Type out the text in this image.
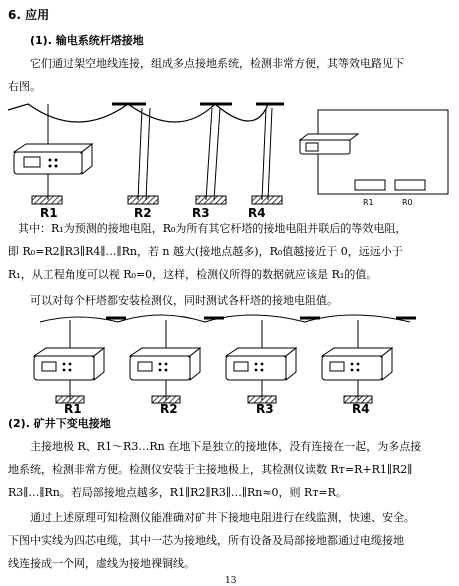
6. 应用
(1). 输电系统杆塔接地
它们通过架空地线连接，组成多点接地系统，检测非常方便，其等效电路见下
右图。
R1	R2	R3	R4
R1	R0
其中：R₁为预测的接地电阻，R₀为所有其它杆塔的接地电阻并联后的等效电阻，
即 R₀=R2∥R3∥R4∥…∥Rn，若 n 越大(接地点越多)，R₀值越接近于 0，远远小于
R₁，从工程角度可以视 R₀=0，这样，检测仪所得的数据就应该是 R₁的值。
可以对每个杆塔都安装检测仪，同时测试各杆塔的接地电阻值。
R1	R2	R3	R4
(2). 矿井下变电接地
主接地极 R、R1～R3…Rn 在地下是独立的接地体，没有连接在一起，为多点接
地系统，检测非常方便。检测仪安装于主接地极上，其检测仪读数 Rт=R+R1∥R2∥
R3∥…∥Rn。若局部接地点越多，R1∥R2∥R3∥…∥Rn≈0，则 Rт=R。
通过上述原理可知检测仪能准确对矿井下接地电阻进行在线监测，快速、安全。
下图中实线为四芯电缆，其中一芯为接地线，所有设备及局部接地都通过电缆接地
线连接成一个网，虚线为接地裸铜线。
13
